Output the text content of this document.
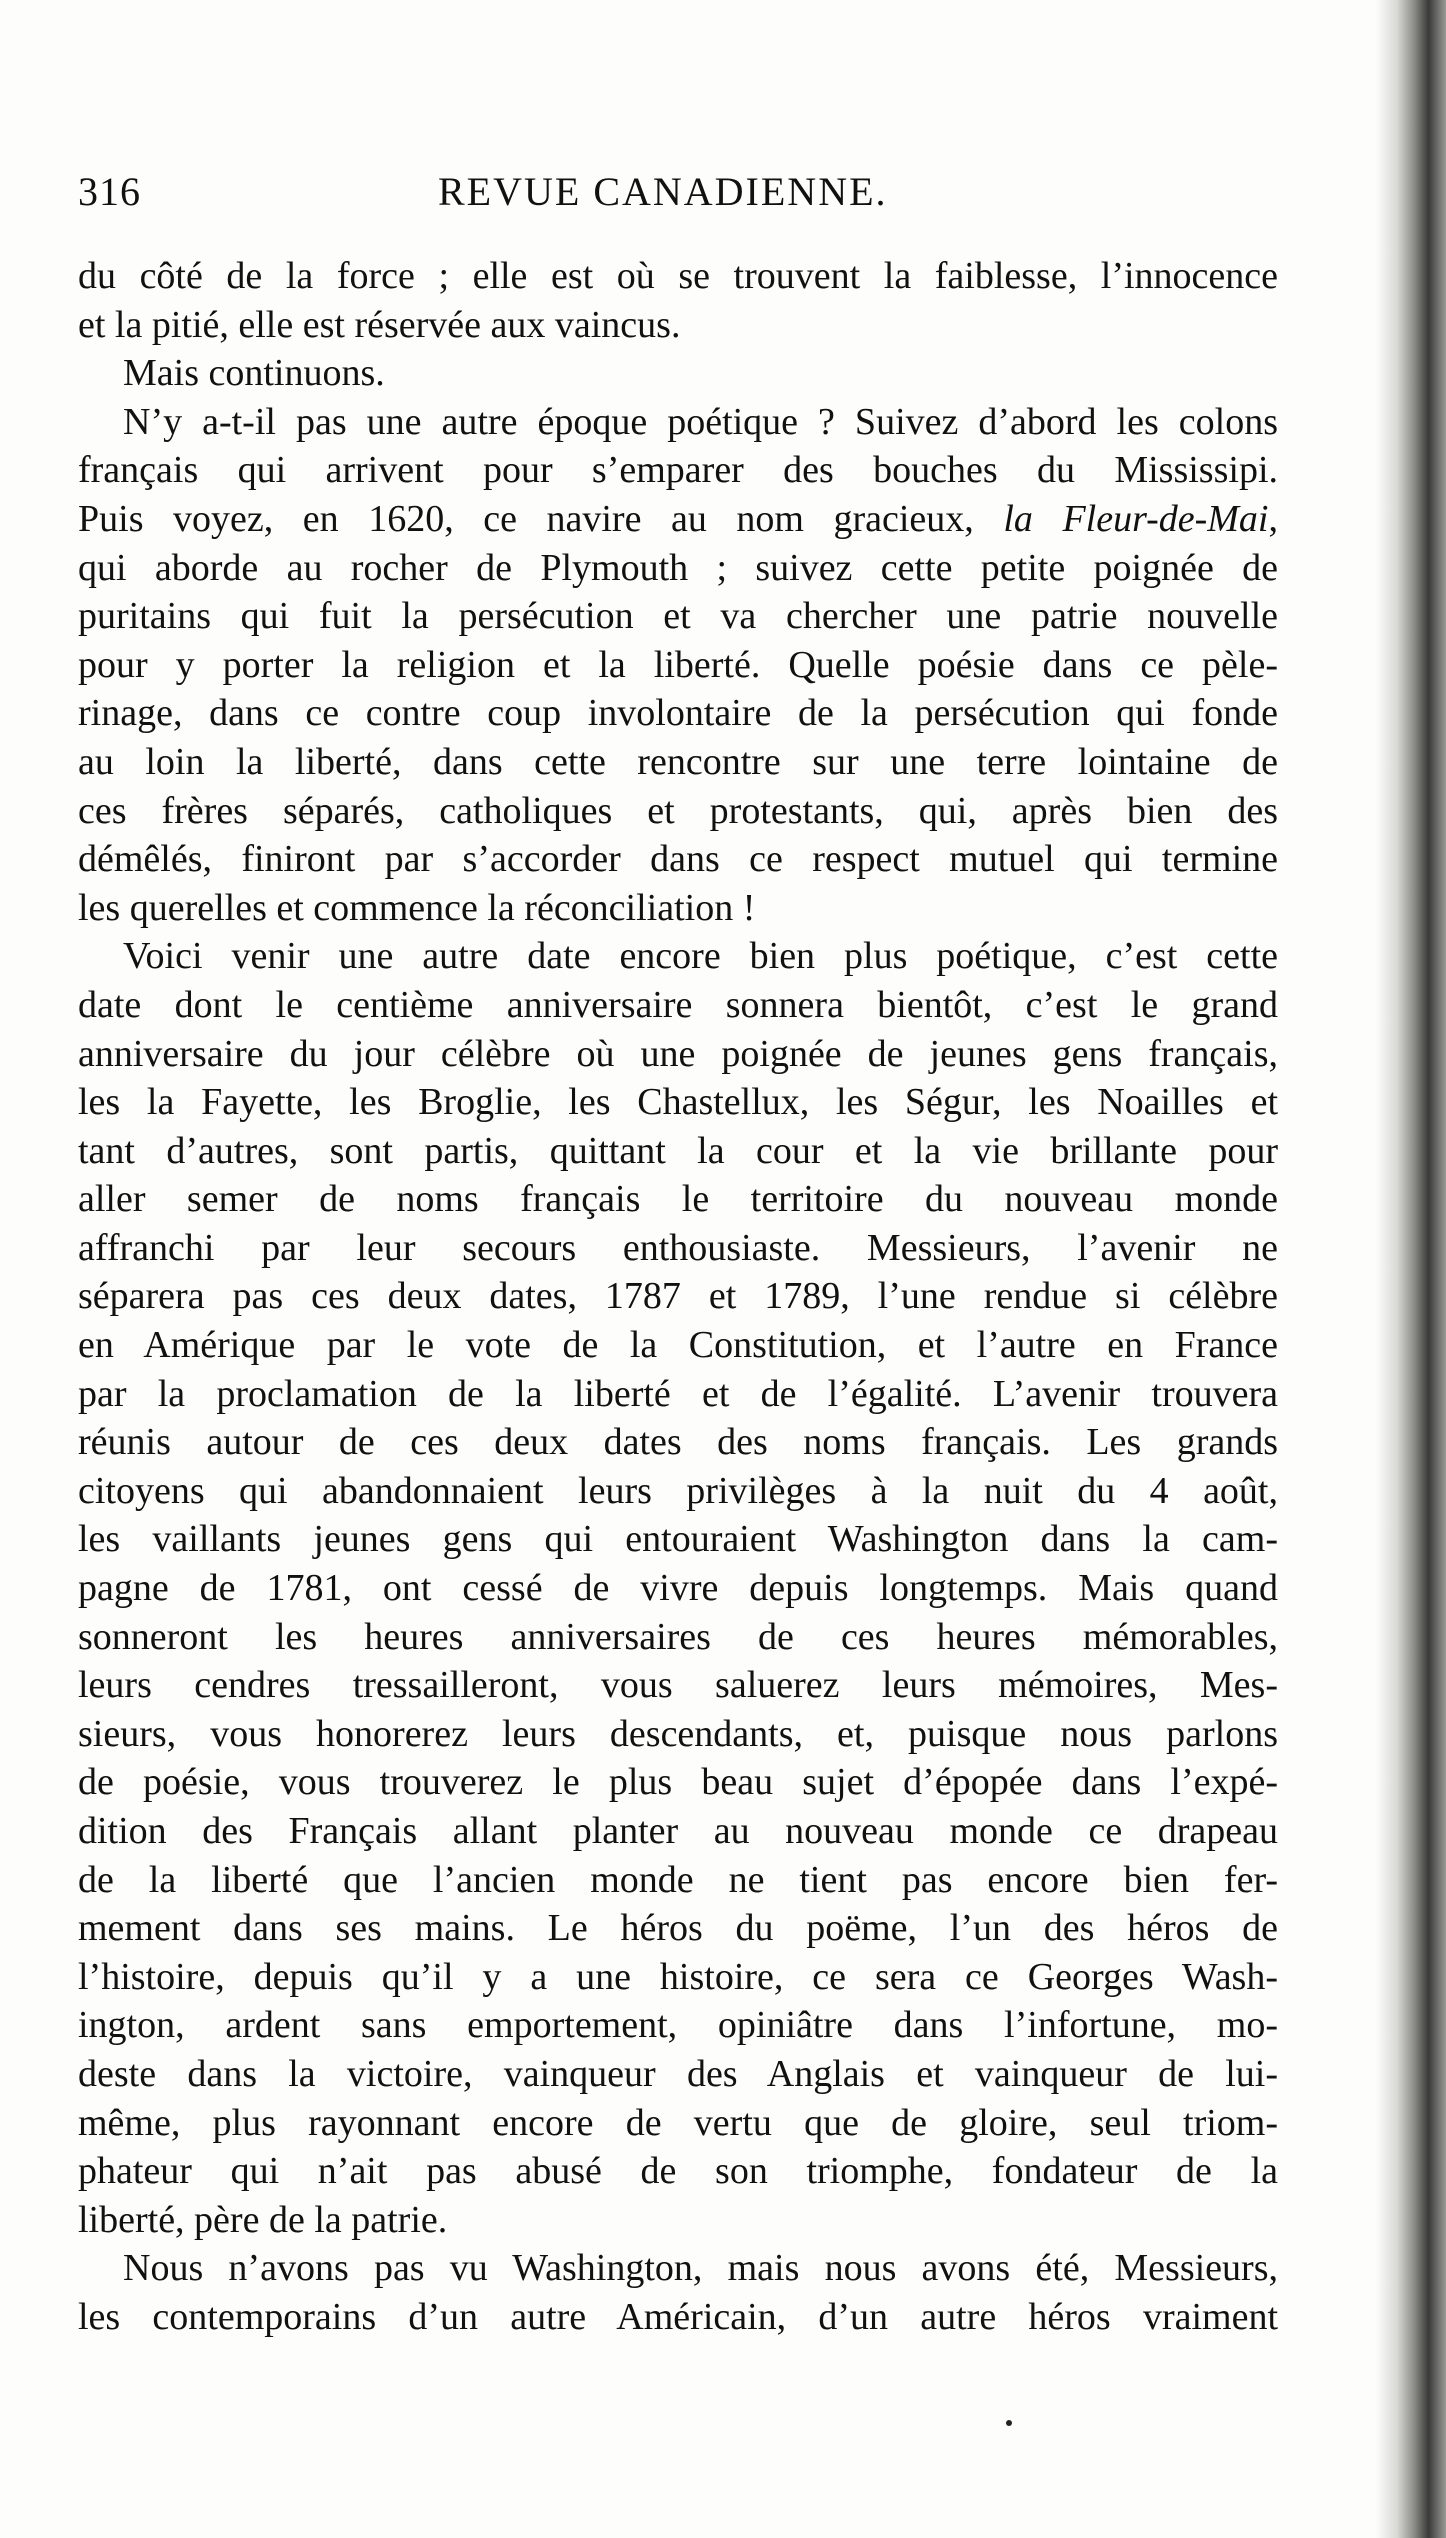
316	REVUE CANADIENNE.
du côté de la force ; elle est où se trouvent la faiblesse, l’innocence
et la pitié, elle est réservée aux vaincus.
Mais continuons.
N’y a-t-il pas une autre époque poétique ? Suivez d’abord les colons
français qui arrivent pour s’emparer des bouches du Mississipi.
Puis voyez, en 1620, ce navire au nom gracieux, la Fleur-de-Mai,
qui aborde au rocher de Plymouth ; suivez cette petite poignée de
puritains qui fuit la persécution et va chercher une patrie nouvelle
pour y porter la religion et la liberté. Quelle poésie dans ce pèle-
rinage, dans ce contre coup involontaire de la persécution qui fonde
au loin la liberté, dans cette rencontre sur une terre lointaine de
ces frères séparés, catholiques et protestants, qui, après bien des
démêlés, finiront par s’accorder dans ce respect mutuel qui termine
les querelles et commence la réconciliation !
Voici venir une autre date encore bien plus poétique, c’est cette
date dont le centième anniversaire sonnera bientôt, c’est le grand
anniversaire du jour célèbre où une poignée de jeunes gens français,
les la Fayette, les Broglie, les Chastellux, les Ségur, les Noailles et
tant d’autres, sont partis, quittant la cour et la vie brillante pour
aller semer de noms français le territoire du nouveau monde
affranchi par leur secours enthousiaste. Messieurs, l’avenir ne
séparera pas ces deux dates, 1787 et 1789, l’une rendue si célèbre
en Amérique par le vote de la Constitution, et l’autre en France
par la proclamation de la liberté et de l’égalité. L’avenir trouvera
réunis autour de ces deux dates des noms français. Les grands
citoyens qui abandonnaient leurs privilèges à la nuit du 4 août,
les vaillants jeunes gens qui entouraient Washington dans la cam-
pagne de 1781, ont cessé de vivre depuis longtemps. Mais quand
sonneront les heures anniversaires de ces heures mémorables,
leurs cendres tressailleront, vous saluerez leurs mémoires, Mes-
sieurs, vous honorerez leurs descendants, et, puisque nous parlons
de poésie, vous trouverez le plus beau sujet d’épopée dans l’expé-
dition des Français allant planter au nouveau monde ce drapeau
de la liberté que l’ancien monde ne tient pas encore bien fer-
mement dans ses mains. Le héros du poëme, l’un des héros de
l’histoire, depuis qu’il y a une histoire, ce sera ce Georges Wash-
ington, ardent sans emportement, opiniâtre dans l’infortune, mo-
deste dans la victoire, vainqueur des Anglais et vainqueur de lui-
même, plus rayonnant encore de vertu que de gloire, seul triom-
phateur qui n’ait pas abusé de son triomphe, fondateur de la
liberté, père de la patrie.
Nous n’avons pas vu Washington, mais nous avons été, Messieurs,
les contemporains d’un autre Américain, d’un autre héros vraiment
